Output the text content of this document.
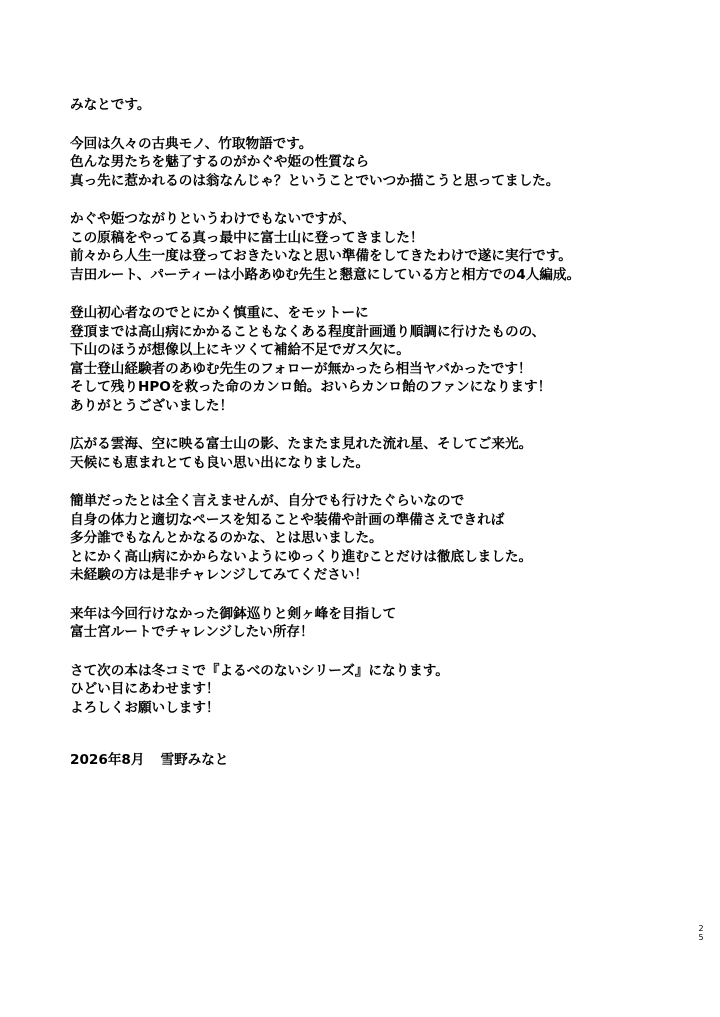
みなとです。
今回は久々の古典モノ、竹取物語です。
色んな男たちを魅了するのがかぐや姫の性質なら
真っ先に惹かれるのは翁なんじゃ？ということでいつか描こうと思ってました。
かぐや姫つながりというわけでもないですが、
この原稿をやってる真っ最中に富士山に登ってきました！
前々から人生一度は登っておきたいなと思い準備をしてきたわけで遂に実行です。
吉田ルート、パーティーは小路あゆむ先生と懇意にしている方と相方での4人編成。
登山初心者なのでとにかく慎重に、をモットーに
登頂までは高山病にかかることもなくある程度計画通り順調に行けたものの、
下山のほうが想像以上にキツくて補給不足でガス欠に。
富士登山経験者のあゆむ先生のフォローが無かったら相当ヤバかったです！
そして残りHPOを救った命のカンロ飴。おいらカンロ飴のファンになります！
ありがとうございました！
広がる雲海、空に映る富士山の影、たまたま見れた流れ星、そしてご来光。
天候にも恵まれとても良い思い出になりました。
簡単だったとは全く言えませんが、自分でも行けたぐらいなので
自身の体力と適切なペースを知ることや装備や計画の準備さえできれば
多分誰でもなんとかなるのかな、とは思いました。
とにかく高山病にかからないようにゆっくり進むことだけは徹底しました。
未経験の方は是非チャレンジしてみてください！
来年は今回行けなかった御鉢巡りと剣ヶ峰を目指して
富士宮ルートでチャレンジしたい所存！
さて次の本は冬コミで『よるべのないシリーズ』になります。
ひどい目にあわせます！
よろしくお願いします！
2026年8月 雪野みなと
2
5
